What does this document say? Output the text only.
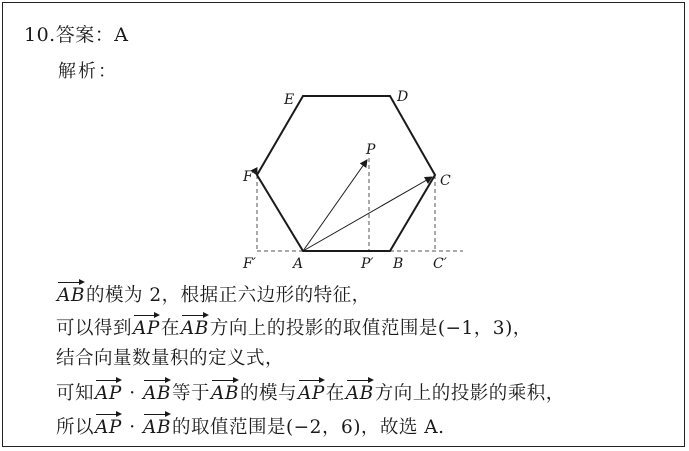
10.答案：A
解析：
E	D
F	C
P
F′	A	P′ B C′
AB的模为 2，根据正六边形的特征，
可以得到AP在AB方向上的投影的取值范围是(−1，3)，
结合向量数量积的定义式，
可知AP · AB等于AB的模与AP在AB方向上的投影的乘积，
所以AP · AB的取值范围是(−2，6)，故选 A.
